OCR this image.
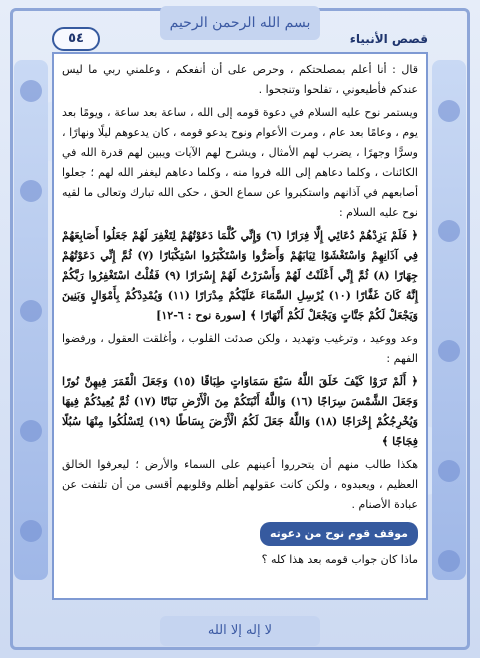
بسم الله الرحمن الرحيم
٥٤	قصص الأنبياء

قال : أنا أعلم بمصلحتكم ، وحرص على أن أنفعكم ، وعلمني ربي ما ليس عندكم فأطيعوني ، تفلحوا وتنجحوا .

ويستمر نوح عليه السلام في دعوة قومه إلى الله ، ساعة بعد ساعة ، ويومًا بعد يوم ، وعامًا بعد عام ، ومرت الأعوام ونوح يدعو قومه ، كان يدعوهم ليلًا ونهارًا ، وسرًّا وجهرًا ، يضرب لهم الأمثال ، ويشرح لهم الآيات ويبين لهم قدرة الله في الكائنات ، وكلما دعاهم إلى الله فروا منه ، وكلما دعاهم ليغفر الله لهم ؛ جعلوا أصابعهم في آذانهم واستكبروا عن سماع الحق ، حكى الله تبارك وتعالى ما لقيه نوح عليه السلام :

﴿ فَلَمْ يَزِدْهُمْ دُعَائِي إِلَّا فِرَارًا (٦) وَإِنِّي كُلَّمَا دَعَوْتُهُمْ لِتَغْفِرَ لَهُمْ جَعَلُوا أَصَابِعَهُمْ فِي آذَانِهِمْ وَاسْتَغْشَوْا ثِيَابَهُمْ وَأَصَرُّوا وَاسْتَكْبَرُوا اسْتِكْبَارًا (٧) ثُمَّ إِنِّي دَعَوْتُهُمْ جِهَارًا (٨) ثُمَّ إِنِّي أَعْلَنْتُ لَهُمْ وَأَسْرَرْتُ لَهُمْ إِسْرَارًا (٩) فَقُلْتُ اسْتَغْفِرُوا رَبَّكُمْ إِنَّهُ كَانَ غَفَّارًا (١٠) يُرْسِلِ السَّمَاءَ عَلَيْكُمْ مِدْرَارًا (١١) وَيُمْدِدْكُمْ بِأَمْوَالٍ وَبَنِينَ وَيَجْعَلْ لَكُمْ جَنَّاتٍ وَيَجْعَلْ لَكُمْ أَنْهَارًا ﴾ [سورة نوح : ٦-١٢]

وعد ووعيد ، وترغيب وتهديد ، ولكن صدئت القلوب ، وأغلقت العقول ، ورفضوا الفهم :

﴿ أَلَمْ تَرَوْا كَيْفَ خَلَقَ اللَّهُ سَبْعَ سَمَاوَاتٍ طِبَاقًا (١٥) وَجَعَلَ الْقَمَرَ فِيهِنَّ نُورًا وَجَعَلَ الشَّمْسَ سِرَاجًا (١٦) وَاللَّهُ أَنْبَتَكُمْ مِنَ الْأَرْضِ نَبَاتًا (١٧) ثُمَّ يُعِيدُكُمْ فِيهَا وَيُخْرِجُكُمْ إِخْرَاجًا (١٨) وَاللَّهُ جَعَلَ لَكُمُ الْأَرْضَ بِسَاطًا (١٩) لِتَسْلُكُوا مِنْهَا سُبُلًا فِجَاجًا ﴾

هكذا طالب منهم أن يتحرروا أعينهم على السماء والأرض ؛ ليعرفوا الخالق العظيم ، ويعبدوه ، ولكن كانت عقولهم أظلم وقلوبهم أقسى من أن تلتفت عن عبادة الأصنام .

موقف قوم نوح من دعوته

ماذا كان جواب قومه بعد هذا كله ؟

لا إله إلا الله
